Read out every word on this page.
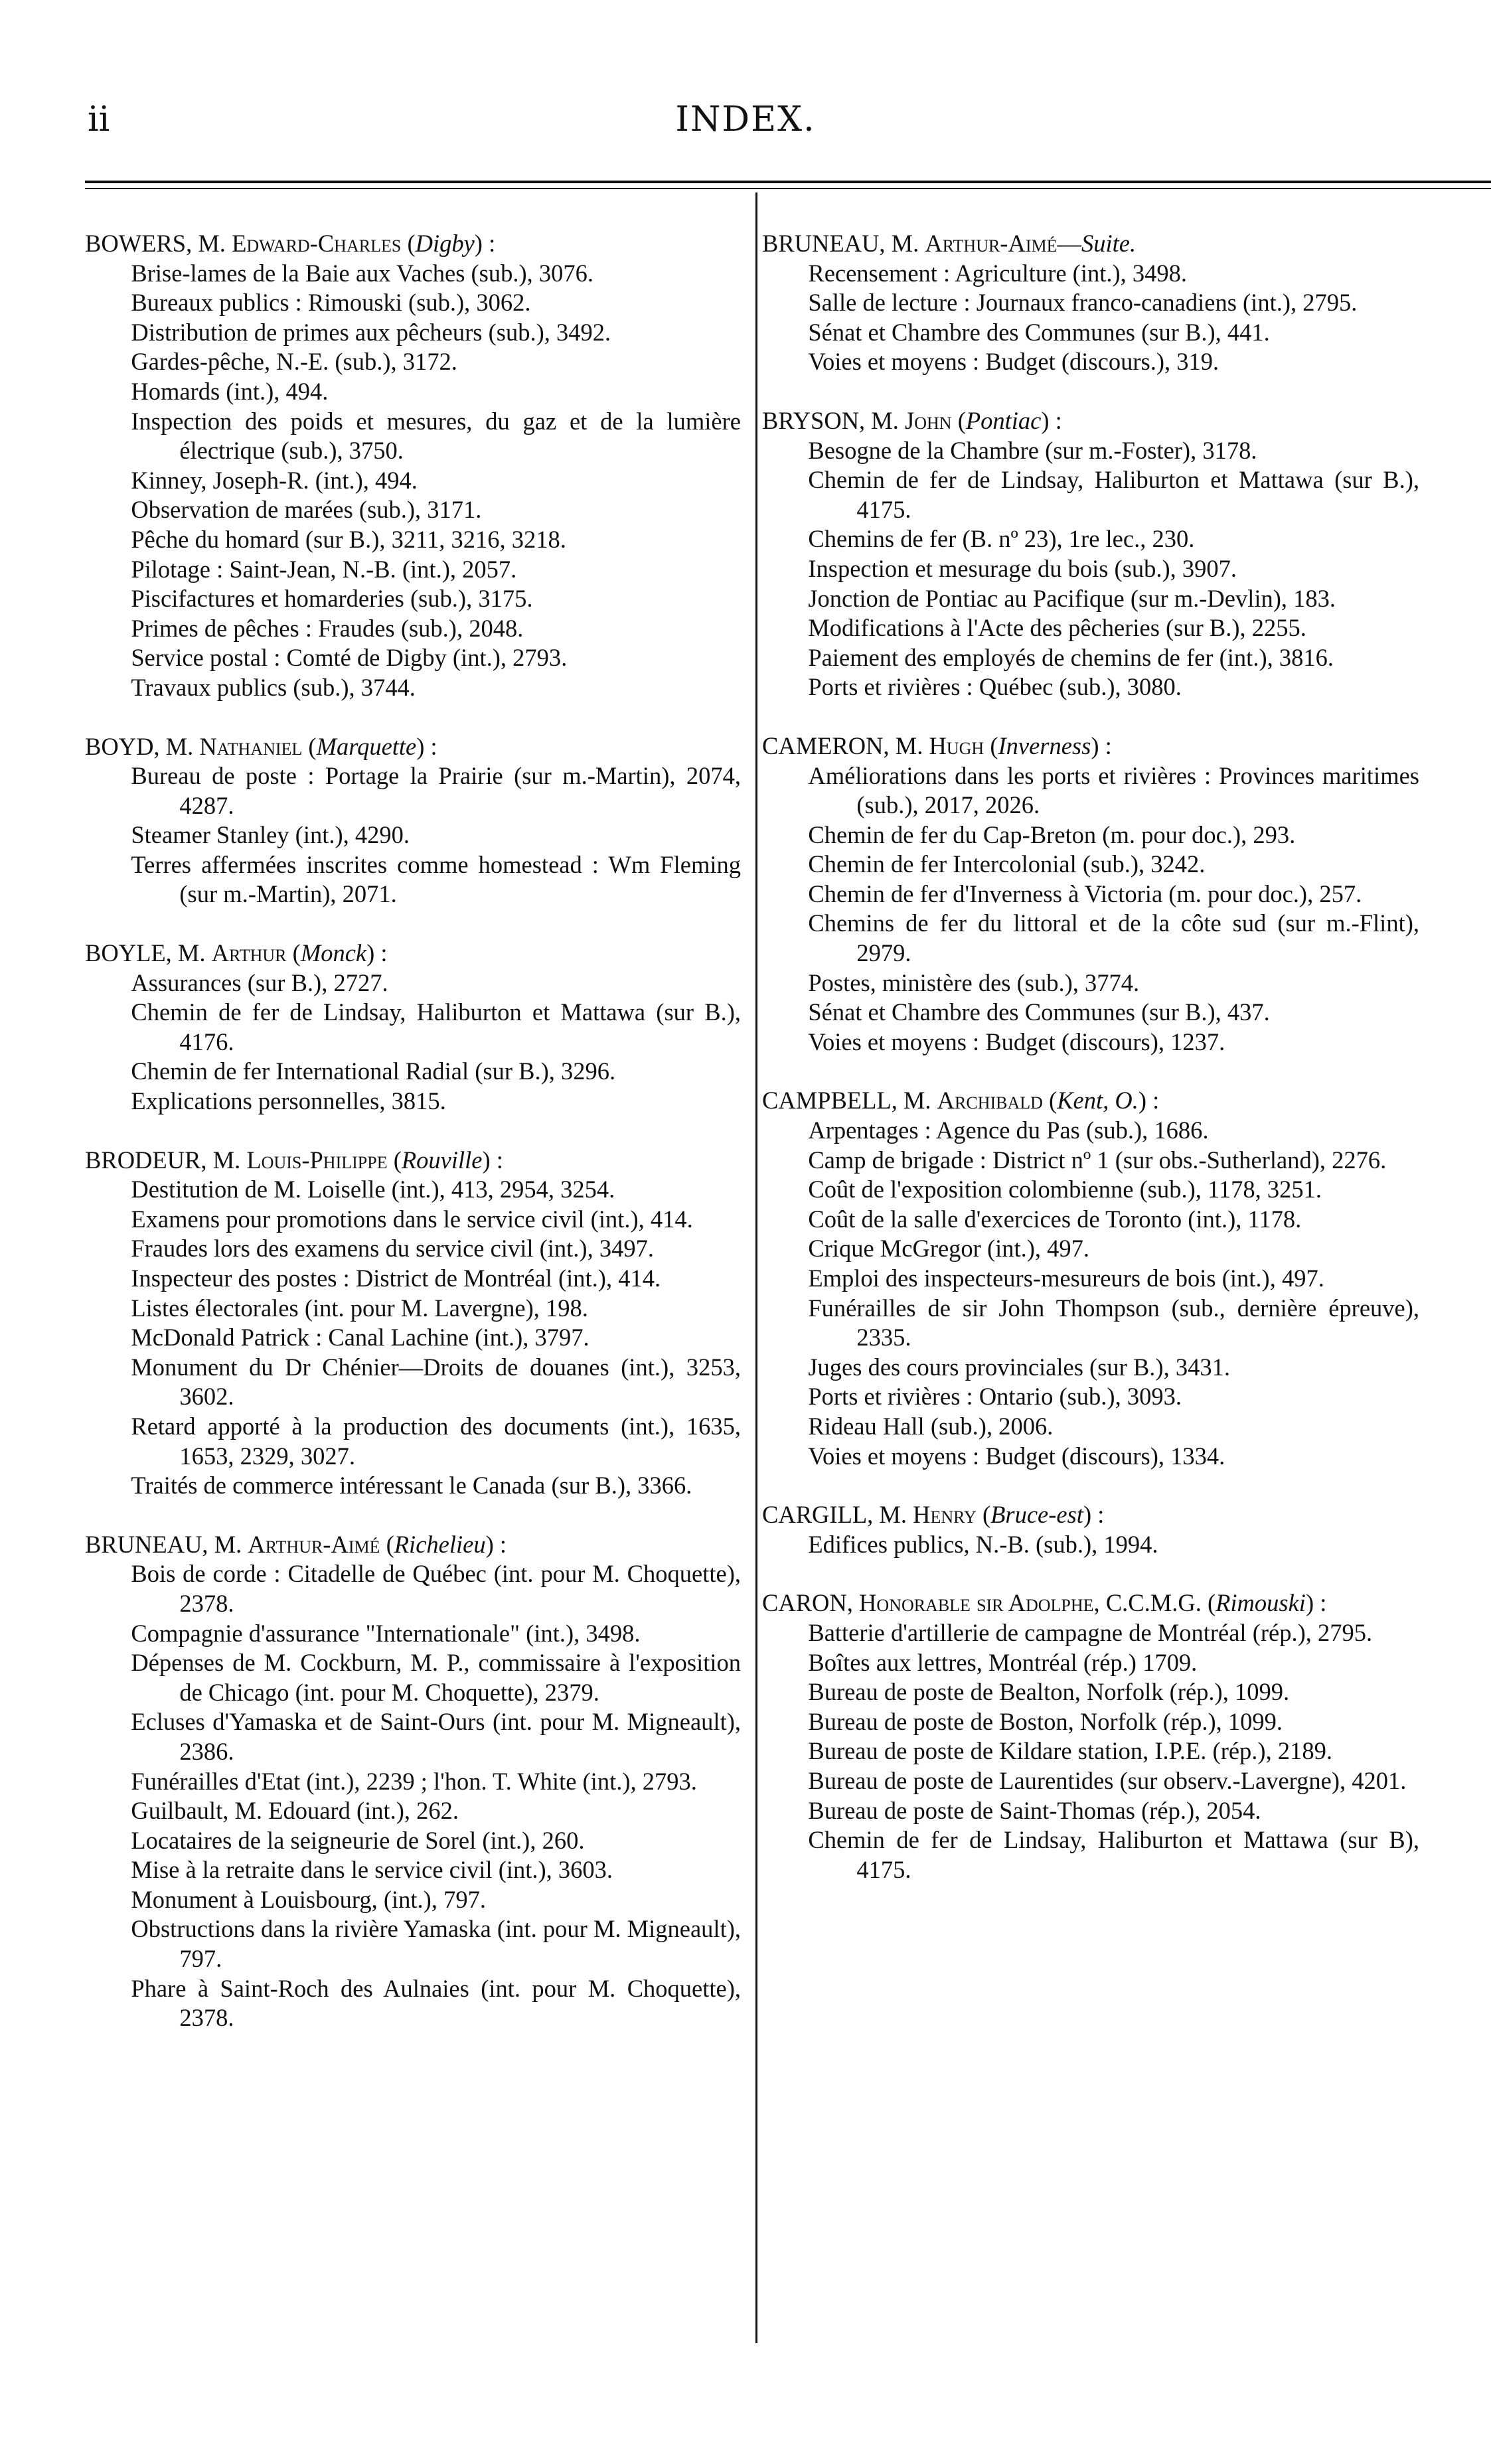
ii	INDEX.
BOWERS, M. Edward-Charles (Digby) :
Brise-lames de la Baie aux Vaches (sub.), 3076.
Bureaux publics : Rimouski (sub.), 3062.
Distribution de primes aux pêcheurs (sub.), 3492.
Gardes-pêche, N.-E. (sub.), 3172.
Homards (int.), 494.
Inspection des poids et mesures, du gaz et de la lumière électrique (sub.), 3750.
Kinney, Joseph-R. (int.), 494.
Observation de marées (sub.), 3171.
Pêche du homard (sur B.), 3211, 3216, 3218.
Pilotage : Saint-Jean, N.-B. (int.), 2057.
Piscifactures et homarderies (sub.), 3175.
Primes de pêches : Fraudes (sub.), 2048.
Service postal : Comté de Digby (int.), 2793.
Travaux publics (sub.), 3744.
BOYD, M. Nathaniel (Marquette) :
Bureau de poste : Portage la Prairie (sur m.-Martin), 2074, 4287.
Steamer Stanley (int.), 4290.
Terres affermées inscrites comme homestead : Wm Fleming (sur m.-Martin), 2071.
BOYLE, M. Arthur (Monck) :
Assurances (sur B.), 2727.
Chemin de fer de Lindsay, Haliburton et Mattawa (sur B.), 4176.
Chemin de fer International Radial (sur B.), 3296.
Explications personnelles, 3815.
BRODEUR, M. Louis-Philippe (Rouville) :
Destitution de M. Loiselle (int.), 413, 2954, 3254.
Examens pour promotions dans le service civil (int.), 414.
Fraudes lors des examens du service civil (int.), 3497.
Inspecteur des postes : District de Montréal (int.), 414.
Listes électorales (int. pour M. Lavergne), 198.
McDonald Patrick : Canal Lachine (int.), 3797.
Monument du Dr Chénier—Droits de douanes (int.), 3253, 3602.
Retard apporté à la production des documents (int.), 1635, 1653, 2329, 3027.
Traités de commerce intéressant le Canada (sur B.), 3366.
BRUNEAU, M. Arthur-Aimé (Richelieu) :
Bois de corde : Citadelle de Québec (int. pour M. Choquette), 2378.
Compagnie d'assurance "Internationale" (int.), 3498.
Dépenses de M. Cockburn, M. P., commissaire à l'exposition de Chicago (int. pour M. Choquette), 2379.
Ecluses d'Yamaska et de Saint-Ours (int. pour M. Migneault), 2386.
Funérailles d'Etat (int.), 2239 ; l'hon. T. White (int.), 2793.
Guilbault, M. Edouard (int.), 262.
Locataires de la seigneurie de Sorel (int.), 260.
Mise à la retraite dans le service civil (int.), 3603.
Monument à Louisbourg, (int.), 797.
Obstructions dans la rivière Yamaska (int. pour M. Migneault), 797.
Phare à Saint-Roch des Aulnaies (int. pour M. Choquette), 2378.
BRUNEAU, M. Arthur-Aimé—Suite.
Recensement : Agriculture (int.), 3498.
Salle de lecture : Journaux franco-canadiens (int.), 2795.
Sénat et Chambre des Communes (sur B.), 441.
Voies et moyens : Budget (discours.), 319.
BRYSON, M. John (Pontiac) :
Besogne de la Chambre (sur m.-Foster), 3178.
Chemin de fer de Lindsay, Haliburton et Mattawa (sur B.), 4175.
Chemins de fer (B. nº 23), 1re lec., 230.
Inspection et mesurage du bois (sub.), 3907.
Jonction de Pontiac au Pacifique (sur m.-Devlin), 183.
Modifications à l'Acte des pêcheries (sur B.), 2255.
Paiement des employés de chemins de fer (int.), 3816.
Ports et rivières : Québec (sub.), 3080.
CAMERON, M. Hugh (Inverness) :
Améliorations dans les ports et rivières : Provinces maritimes (sub.), 2017, 2026.
Chemin de fer du Cap-Breton (m. pour doc.), 293.
Chemin de fer Intercolonial (sub.), 3242.
Chemin de fer d'Inverness à Victoria (m. pour doc.), 257.
Chemins de fer du littoral et de la côte sud (sur m.-Flint), 2979.
Postes, ministère des (sub.), 3774.
Sénat et Chambre des Communes (sur B.), 437.
Voies et moyens : Budget (discours), 1237.
CAMPBELL, M. Archibald (Kent, O.) :
Arpentages : Agence du Pas (sub.), 1686.
Camp de brigade : District nº 1 (sur obs.-Sutherland), 2276.
Coût de l'exposition colombienne (sub.), 1178, 3251.
Coût de la salle d'exercices de Toronto (int.), 1178.
Crique McGregor (int.), 497.
Emploi des inspecteurs-mesureurs de bois (int.), 497.
Funérailles de sir John Thompson (sub., dernière épreuve), 2335.
Juges des cours provinciales (sur B.), 3431.
Ports et rivières : Ontario (sub.), 3093.
Rideau Hall (sub.), 2006.
Voies et moyens : Budget (discours), 1334.
CARGILL, M. Henry (Bruce-est) :
Edifices publics, N.-B. (sub.), 1994.
CARON, Honorable sir Adolphe, C.C.M.G. (Rimouski) :
Batterie d'artillerie de campagne de Montréal (rép.), 2795.
Boîtes aux lettres, Montréal (rép.) 1709.
Bureau de poste de Bealton, Norfolk (rép.), 1099.
Bureau de poste de Boston, Norfolk (rép.), 1099.
Bureau de poste de Kildare station, I.P.E. (rép.), 2189.
Bureau de poste de Laurentides (sur observ.-Lavergne), 4201.
Bureau de poste de Saint-Thomas (rép.), 2054.
Chemin de fer de Lindsay, Haliburton et Mattawa (sur B), 4175.
